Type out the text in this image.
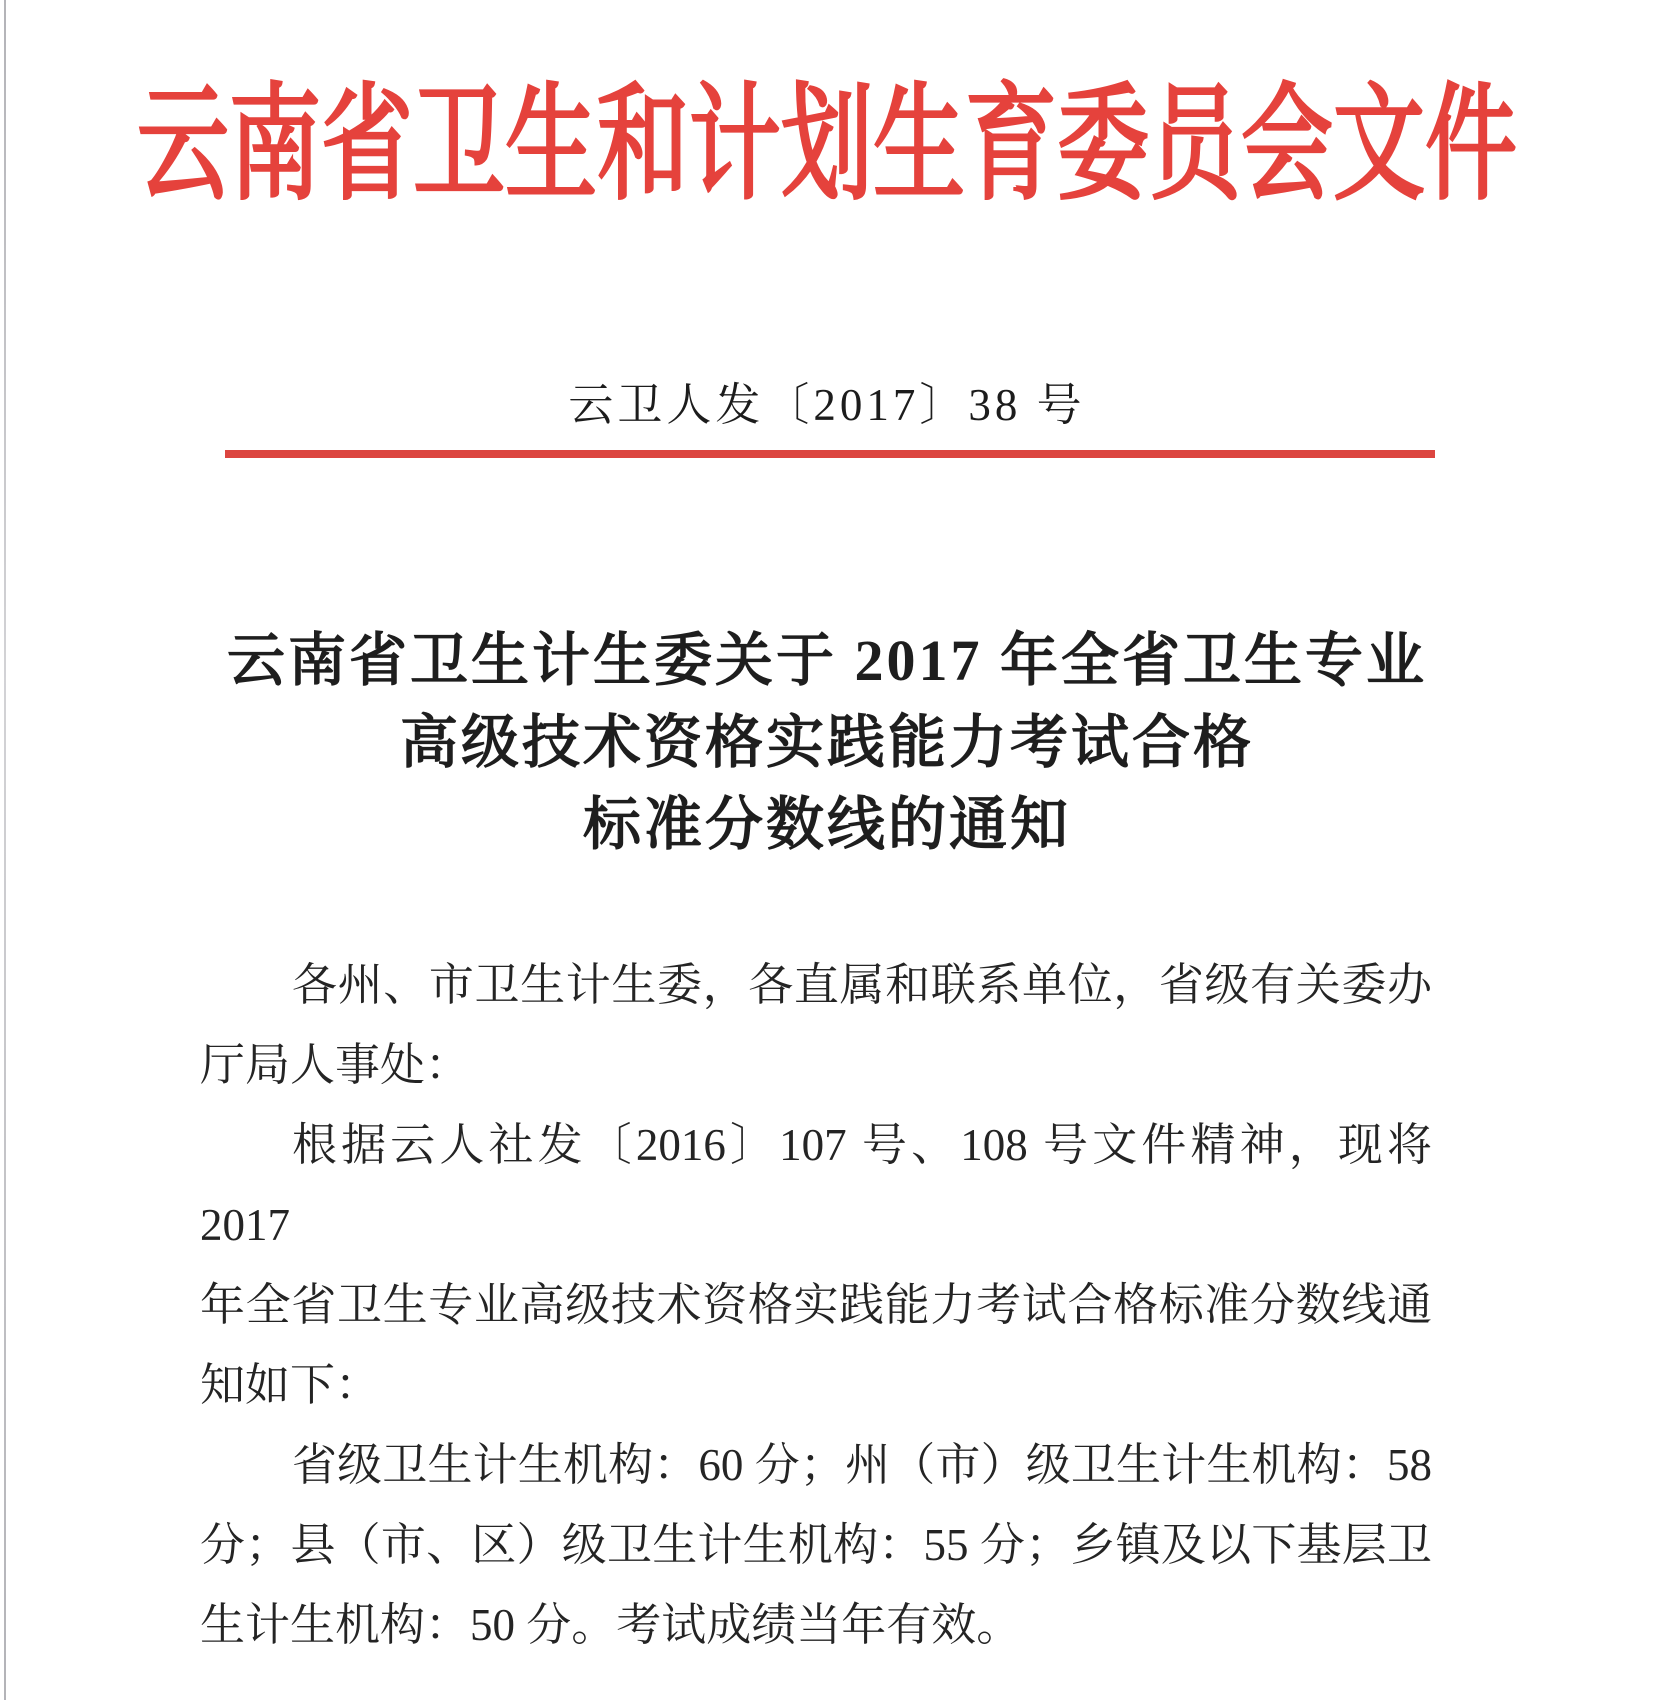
云南省卫生和计划生育委员会文件
云卫人发〔2017〕38 号
云南省卫生计生委关于 2017 年全省卫生专业
高级技术资格实践能力考试合格
标准分数线的通知

各州、市卫生计生委，各直属和联系单位，省级有关委办

厅局人事处：

根据云人社发〔2016〕107 号、108 号文件精神，现将 2017

年全省卫生专业高级技术资格实践能力考试合格标准分数线通

知如下：

省级卫生计生机构：60 分；州（市）级卫生计生机构：58

分；县（市、区）级卫生计生机构：55 分；乡镇及以下基层卫

生计生机构：50 分。考试成绩当年有效。
